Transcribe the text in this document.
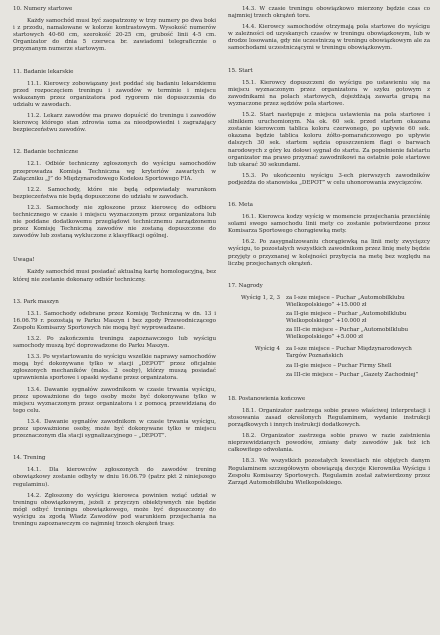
10. Numery startowe

Każdy samochód musi być zaopatrzony w trzy numery po dwa boki i z przodu, namalowane w kolorze kontrastowym. Wysokość numerów startowych 40-60 cm, szerokość 20-25 cm, grubość linii 4-5 cm. Organizator do dnia 5 czerwca br. zawiadomi telegraficznie o przyznanym numerze startowym.

11. Badanie lekarskie

11.1. Kierowcy zobowiązany jest poddać się badaniu lekarskiemu przed rozpoczęciem treningu i zawodów w terminie i miejscu wskazanym przez organizatora pod rygorem nie dopuszczenia do udziału w zawodach.

11.2. Lekarz zawodów ma prawo dopuścić do treningu i zawodów kierowcę którego stan zdrowia uzna za nieodpowiedni i zagrażający bezpieczeństwu zawodów.

12. Badanie techniczne

12.1. Odbiór techniczny zgłoszonych do wyścigu samochodów przeprowadza Komisja Techniczna wg kryteriów zawartych w Załączniku „J” do Międzynarodowego Kodeksu Sportowego FIA.

12.2. Samochody, które nie będą odpowiadały warunkom bezpieczeństwa nie będą dopuszczone do udziału w zawodach.

12.3. Samochody nie zgłoszone przez kierowcę do odbioru technicznego w czasie i miejscu wyznaczonym przez organizatora lub nie poddane dodatkowemu przeglądowi technicznemu zarządzonemu przez Komisję Techniczną zawodów nie zostaną dopuszczone do zawodów lub zostaną wykluczone z klasyfikacji ogólnej.

Uwaga!

Każdy samochód musi posiadać aktualną kartę homologacyjną, bez której nie zostanie dokonany odbiór techniczny.

13. Park maszyn

13.1. Samochody odebrane przez Komisję Techniczną w dn. 13 i 16.06.79 r. pozostają w Parku Maszyn i bez zgody Przewodniczącego Zespołu Komisarzy Sportowych nie mogą być wyprowadzane.

13.2. Po zakończeniu treningu zapoznawczego lub wyścigu samochody muszą być doprowadzone do Parku Maszyn.

13.3. Po wystartowaniu do wyścigu wszelkie naprawy samochodów mogą być dokonywane tylko w stacji „DEPOT” przez oficjalnie zgłoszonych mechaników (maks. 2 osoby), którzy muszą posiadać uprawnienia sportowe i opaski wydane przez organizatora.

13.4. Dawanie sygnałów zawodnikom w czasie trwania wyścigu, przez upoważnione do tego osoby może być dokonywane tylko w miejscu wyznaczonym przez organizatora i z pomocą przewidzianą do tego celu.

13.4. Dawanie sygnałów zawodnikom w czasie trwania wyścigu, przez upoważnione osoby, może być dokonywane tylko w miejscu przeznaczonym dla stacji sygnalizacyjnego – „DEPOT”.

14. Trening

14.1. Dla kierowców zgłoszonych do zawodów trening obowiązkowy zostanie odbyty w dniu 16.06.79 (patrz pkt 2 niniejszego regulaminu).

14.2. Zgłoszony do wyścigu kierowca powinien wziąć udział w treningu obowiązkowym, jeżeli z przyczyn obiektywnych nie będzie mógł odbyć treningu obowiązkowego, może być dopuszczony do wyścigu za zgodą Władz Zawodów pod warunkiem przejechania na treningu zapoznawczym co najmniej trzech okrążeń trasy.

14.3. W czasie treningu obowiązkowo mierzony będzie czas co najmniej trzech okrążeń toru.

14.4. Kierowcy samochodów otrzymają pola startowe do wyścigu w zależności od uzyskanych czasów w treningu obowiązkowym, lub w drodze losowania, gdy nie uczestniczą w treningu obowiązkowym ale za samochodami uczestniczącymi w treningu obowiązkowym.

15. Start

15.1. Kierowcy dopuszczeni do wyścigu po ustawieniu się na miejscu wyznaczonym przez organizatora w szyku gotowym z zawodnikami na polach startowych, dojeżdżają zawarta grupą na wyznaczone przez sędziów pola startowe.

15.2. Start następuje z miejsca ustawienia na pola startowe i silnikiem uruchomionym. Na ok. 60 sek. przed startem okazana zostanie kierowcom tablica koloru czerwonego, po upływie 60 sek. okazana będzie tablica koloru żółto-pomarańczowego po upływie dalszych 30 sek. startem sędzia opuszczeniem flagi o barwach narodowych z góry ku dołowi sygnał do startu. Za popełnienie falstartu organizator ma prawo przyznać zawodnikowi na ostatnie pole startowe lub ukarać 30 sekundami.

15.3. Po ukończeniu wyścigu 3-ech pierwszych zawodników podjeżdża do stanowiska „DEPOT” w celu uhonorowania zwycięzców.

16. Meta

16.1. Kierowca kodzy wyścig w momencie przejechania przeciśnię solami swego samochodu linii mety co zostanie potwierdzone przez Komisarza Sportowego chorągiewką mety.

16.2. Po zasygnalizowaniu chorągiewką na linii mety zwycięzcy wyścigu, to pozostałych wszystkich zawodnikom przez linię mety będzie przyjęty o przyznanej w kolejności przybycia na metę bez względu na liczbę przejechanych okrążeń.

17. Nagrody
Wyścig 1, 2, 3	za I-sze miejsce – Puchar „Automobilklubu Wielkopolskiego” +15.000 zł
za II-gie miejsce – Puchar „Automobilklubu Wielkopolskiego” +10.000 zł
za III-cie miejsce – Puchar „Automobilklubu Wielkopolskiego” +5.000 zł
Wyścig 4	za I-sze miejsce – Puchar Międzynarodowych Targów Poznańskich
za II-gie miejsce – Puchar Firmy Shell
za III-cie miejsce – Puchar „Gazety Zachodniej”
18. Postanowienia końcowe

18.1. Organizator zastrzega sobie prawo właściwej interpretacji i stosowania zasad określonych Regulaminem, wydanie instrukcji porządkowych i innych instrukcji dodatkowych.

18.2. Organizator zastrzega sobie prawo w razie zaistnienia nieprzewidzianych powodów, zmiany daty zawodów jak też ich całkowitego odwołania.

18.3. We wszystkich pozostałych kwestiach nie objętych danym Regulaminem szczegółowym obowiązują decyzje Kierownika Wyścigu i Zespołu Komisarzy Sportowych. Regulamin został zatwierdzony przez Zarząd Automobilklubu Wielkopolskiego.
